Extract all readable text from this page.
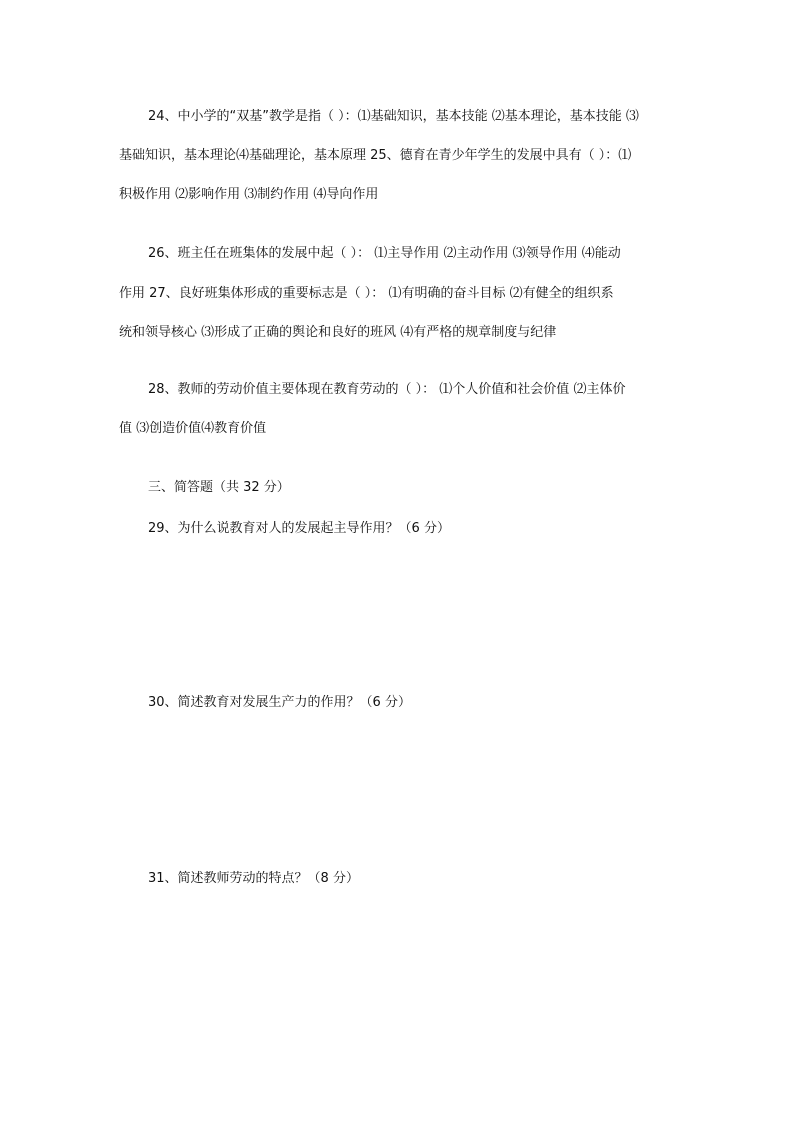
24、中小学的“双基”教学是指（ ）：⑴基础知识，基本技能 ⑵基本理论，基本技能 ⑶
基础知识，基本理论⑷基础理论，基本原理 25、德育在青少年学生的发展中具有（ ）：⑴
积极作用 ⑵影响作用 ⑶制约作用 ⑷导向作用
26、班主任在班集体的发展中起（ ）： ⑴主导作用 ⑵主动作用 ⑶领导作用 ⑷能动
作用 27、良好班集体形成的重要标志是（ ）： ⑴有明确的奋斗目标 ⑵有健全的组织系
统和领导核心 ⑶形成了正确的舆论和良好的班风 ⑷有严格的规章制度与纪律
28、教师的劳动价值主要体现在教育劳动的（ ）： ⑴个人价值和社会价值 ⑵主体价
值 ⑶创造价值⑷教育价值
三、简答题（共 32 分）
29、为什么说教育对人的发展起主导作用？（6 分）
30、简述教育对发展生产力的作用？（6 分）
31、简述教师劳动的特点？（8 分）
